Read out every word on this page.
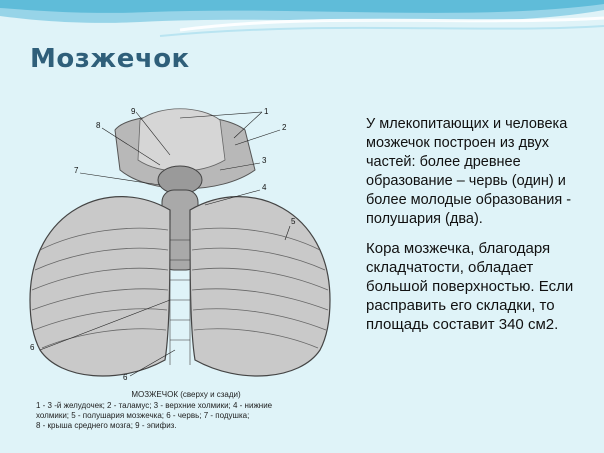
Мозжечок
9	1
8	2
3
7
4
5
6
6
МОЗЖЕЧОК (сверху и сзади)
1 - 3 -й желудочек; 2 - таламус; 3 - верхние холмики; 4 - нижние
холмики; 5 - полушария мозжечка; 6 - червь; 7 - подушка;
8 - крыша среднего мозга; 9 - эпифиз.

У млекопитающих и человека мозжечок построен из двух частей: более древнее образование – червь (один) и более молодые образования - полушария (два).

Кора мозжечка, благодаря складчатости, обладает большой поверхностью. Если расправить его складки, то площадь составит 340 см2.
